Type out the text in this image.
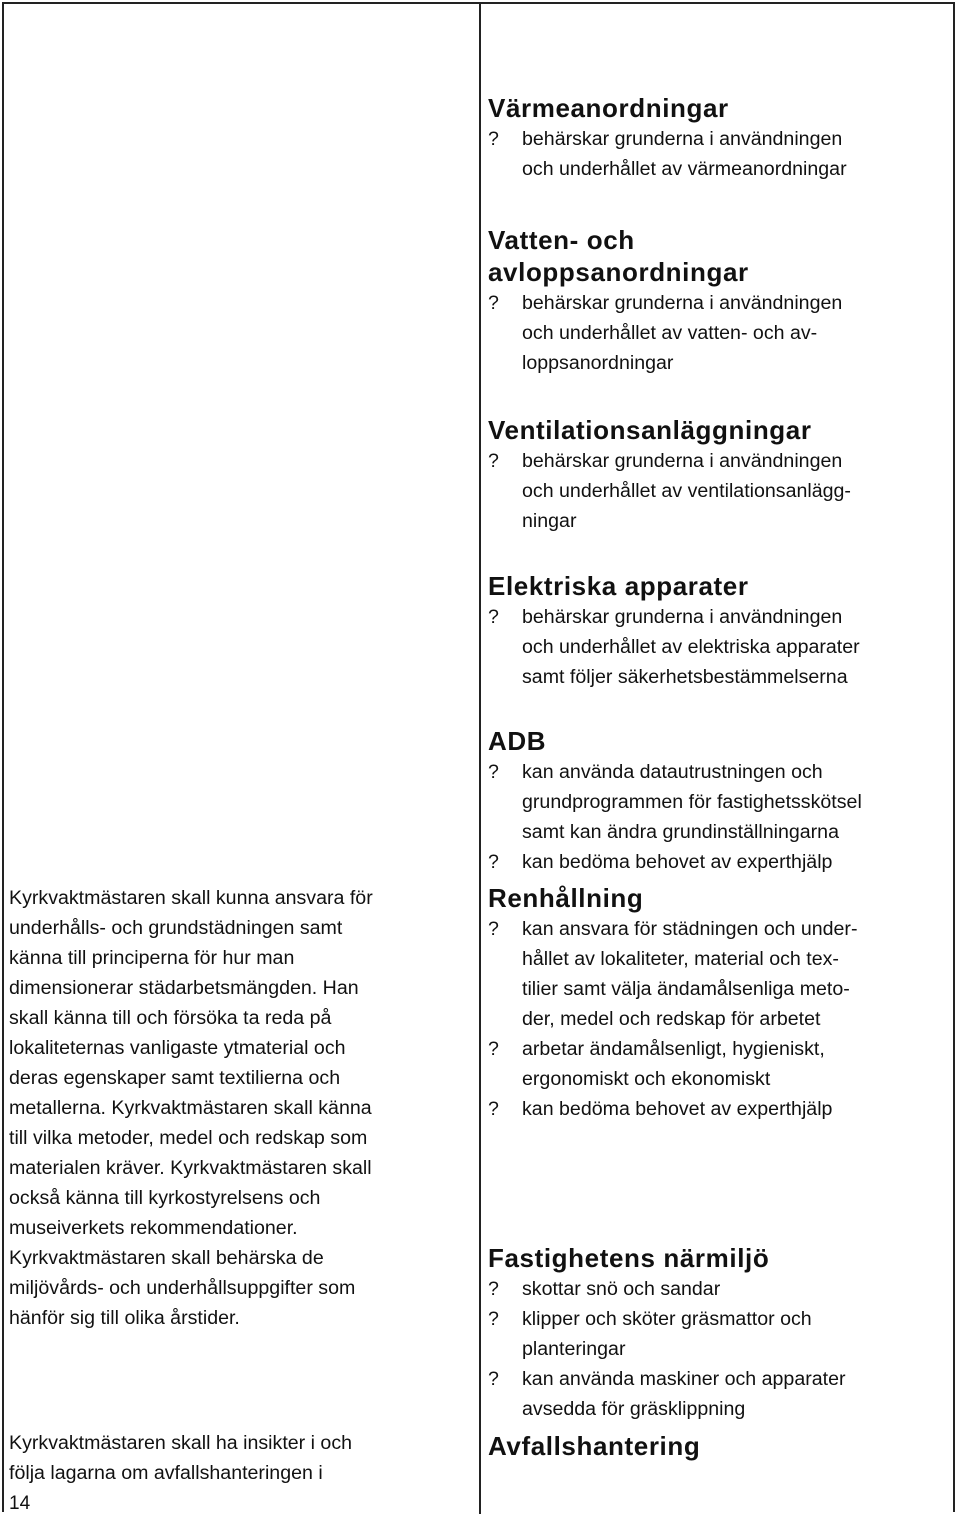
Kyrkvaktmästaren skall kunna ansvara för
underhålls- och grundstädningen samt
känna till principerna för hur man
dimensionerar städarbetsmängden. Han
skall känna till och försöka ta reda på
lokaliteternas vanligaste ytmaterial och
deras egenskaper samt textilierna och
metallerna. Kyrkvaktmästaren skall känna
till vilka metoder, medel och redskap som
materialen kräver. Kyrkvaktmästaren skall
också känna till kyrkostyrelsens och
museiverkets rekommendationer.
Kyrkvaktmästaren skall behärska de
miljövårds- och underhållsuppgifter som
hänför sig till olika årstider.

Kyrkvaktmästaren skall ha insikter i och
följa lagarna om avfallshanteringen i

14
Värmeanordningar
? behärskar grunderna i användningen
och underhållet av värmeanordningar
Vatten- och
avloppsanordningar
? behärskar grunderna i användningen
och underhållet av vatten- och av-
loppsanordningar
Ventilationsanläggningar
? behärskar grunderna i användningen
och underhållet av ventilationsanlägg-
ningar
Elektriska apparater
? behärskar grunderna i användningen
och underhållet av elektriska apparater
samt följer säkerhetsbestämmelserna
ADB
? kan använda datautrustningen och
grundprogrammen för fastighetsskötsel
samt kan ändra grundinställningarna
? kan bedöma behovet av experthjälp
Renhållning
? kan ansvara för städningen och under-
hållet av lokaliteter, material och tex-
tilier samt välja ändamålsenliga meto-
der, medel och redskap för arbetet
? arbetar ändamålsenligt, hygieniskt,
ergonomiskt och ekonomiskt
? kan bedöma behovet av experthjälp
Fastighetens närmiljö
? skottar snö och sandar
? klipper och sköter gräsmattor och
planteringar
? kan använda maskiner och apparater
avsedda för gräsklippning
Avfallshantering
